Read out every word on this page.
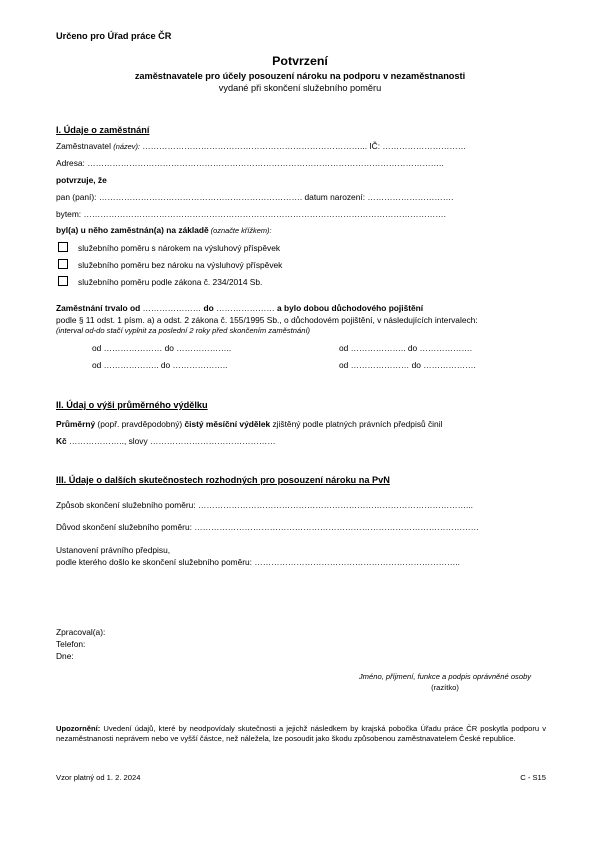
Určeno pro Úřad práce ČR
Potvrzení
zaměstnavatele pro účely posouzení nároku na podporu v nezaměstnanosti
vydané při skončení služebního poměru
I. Údaje o zaměstnání
Zaměstnavatel (název): ……………………………………………………………………... IČ: …………………………
Adresa: ………………………………………………………………………………………………………………..
potvrzuje, že
pan (paní): ………………………………………………………………. datum narození: ………………………….
bytem: ………………………………………………………………………………………………………………….
byl(a) u něho zaměstnán(a) na základě (označte křížkem):
služebního poměru s nárokem na výsluhový příspěvek
služebního poměru bez nároku na výsluhový příspěvek
služebního poměru podle zákona č. 234/2014 Sb.
Zaměstnání trvalo od ………………… do ………………… a bylo dobou důchodového pojištění
podle § 11 odst. 1 písm. a) a odst. 2 zákona č. 155/1995 Sb., o důchodovém pojištění, v následujících intervalech:
(interval od-do stačí vyplnit za poslední 2 roky před skončením zaměstnání)
od ………………… do ………………..	od ……………….. do ……………….
od ……………….. do ………………..	od ………………… do ……………….
II. Údaj o výši průměrného výdělku
Průměrný (popř. pravděpodobný) čistý měsíční výdělek zjištěný podle platných právních předpisů činil
Kč ……………….., slovy ………………………………………
III. Údaje o dalších skutečnostech rozhodných pro posouzení nároku na PvN
Způsob skončení služebního poměru: ……………………………………………………………………………………...
Důvod skončení služebního poměru: …………………………………………………………………………………………
Ustanovení právního předpisu,
podle kterého došlo ke skončení služebního poměru: ………………………………………………………………..
Zpracoval(a):
Telefon:
Dne:
Jméno, příjmení, funkce a podpis oprávněné osoby
(razítko)
Upozornění: Uvedení údajů, které by neodpovídaly skutečnosti a jejichž následkem by krajská pobočka Úřadu práce ČR poskytla podporu v nezaměstnanosti neprávem nebo ve vyšší částce, než náležela, lze posoudit jako škodu způsobenou zaměstnavatelem České republice.
Vzor platný od 1. 2. 2024	C - S15
